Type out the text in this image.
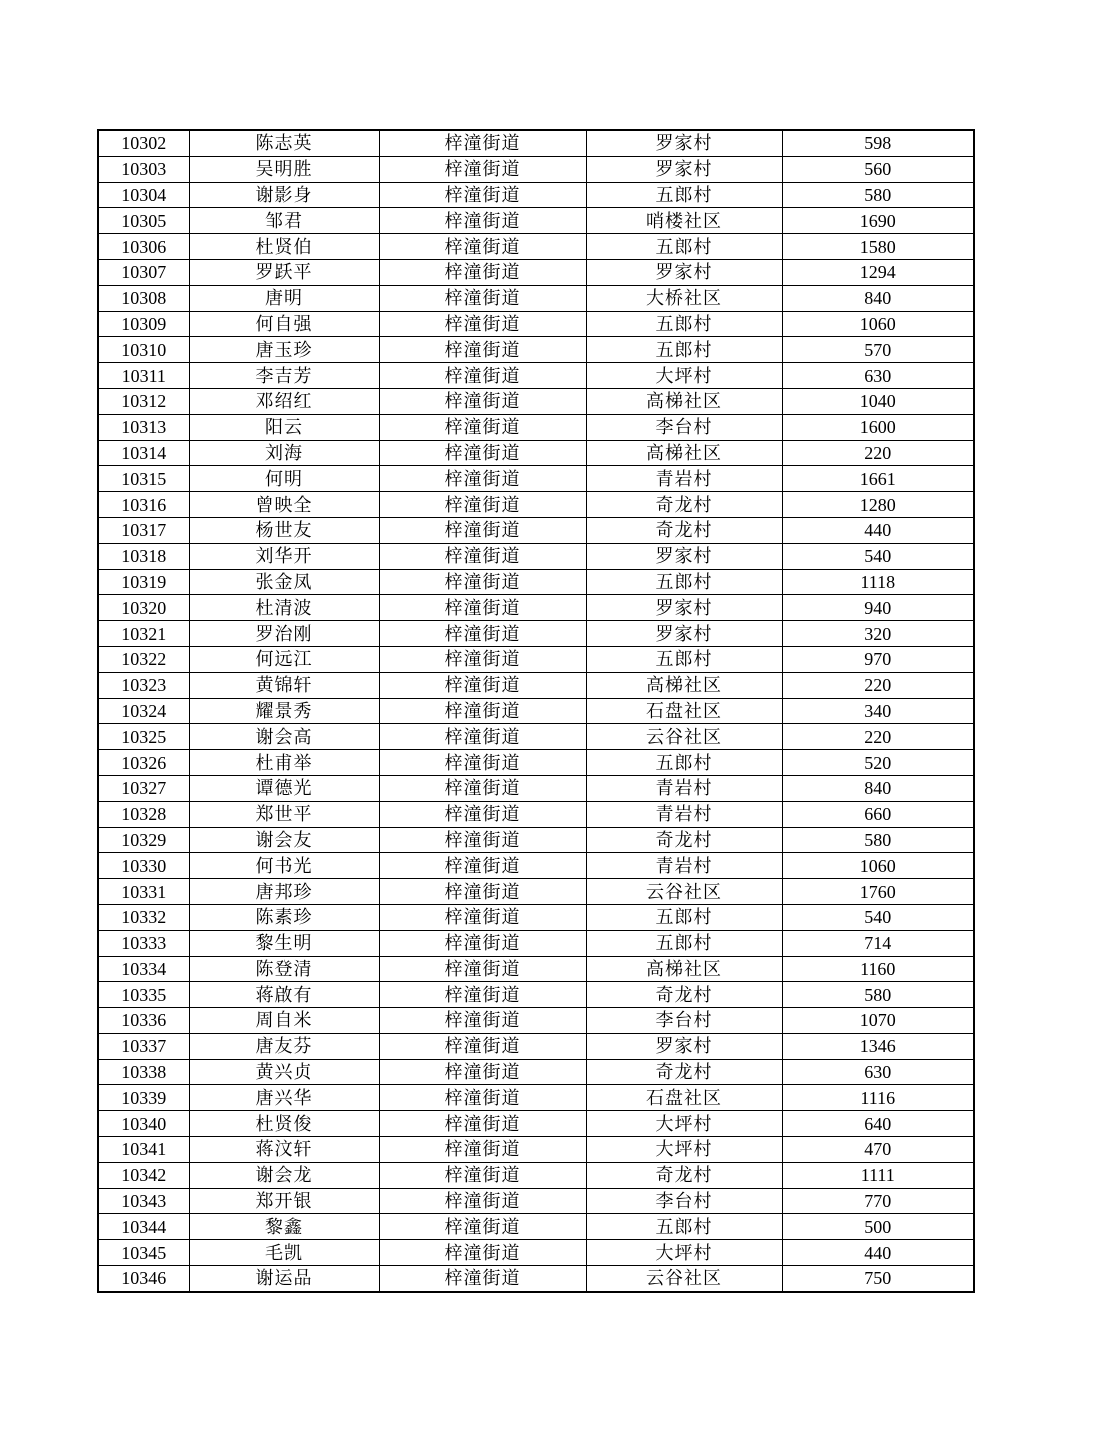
10302	陈志英	梓潼街道	罗家村	598
10303	吴明胜	梓潼街道	罗家村	560
10304	谢影身	梓潼街道	五郎村	580
10305	邹君	梓潼街道	哨楼社区	1690
10306	杜贤伯	梓潼街道	五郎村	1580
10307	罗跃平	梓潼街道	罗家村	1294
10308	唐明	梓潼街道	大桥社区	840
10309	何自强	梓潼街道	五郎村	1060
10310	唐玉珍	梓潼街道	五郎村	570
10311	李吉芳	梓潼街道	大坪村	630
10312	邓绍红	梓潼街道	高梯社区	1040
10313	阳云	梓潼街道	李台村	1600
10314	刘海	梓潼街道	高梯社区	220
10315	何明	梓潼街道	青岩村	1661
10316	曾映全	梓潼街道	奇龙村	1280
10317	杨世友	梓潼街道	奇龙村	440
10318	刘华开	梓潼街道	罗家村	540
10319	张金凤	梓潼街道	五郎村	1118
10320	杜清波	梓潼街道	罗家村	940
10321	罗治刚	梓潼街道	罗家村	320
10322	何远江	梓潼街道	五郎村	970
10323	黄锦轩	梓潼街道	高梯社区	220
10324	耀景秀	梓潼街道	石盘社区	340
10325	谢会高	梓潼街道	云谷社区	220
10326	杜甫举	梓潼街道	五郎村	520
10327	谭德光	梓潼街道	青岩村	840
10328	郑世平	梓潼街道	青岩村	660
10329	谢会友	梓潼街道	奇龙村	580
10330	何书光	梓潼街道	青岩村	1060
10331	唐邦珍	梓潼街道	云谷社区	1760
10332	陈素珍	梓潼街道	五郎村	540
10333	黎生明	梓潼街道	五郎村	714
10334	陈登清	梓潼街道	高梯社区	1160
10335	蒋啟有	梓潼街道	奇龙村	580
10336	周自米	梓潼街道	李台村	1070
10337	唐友芬	梓潼街道	罗家村	1346
10338	黄兴贞	梓潼街道	奇龙村	630
10339	唐兴华	梓潼街道	石盘社区	1116
10340	杜贤俊	梓潼街道	大坪村	640
10341	蒋汶轩	梓潼街道	大坪村	470
10342	谢会龙	梓潼街道	奇龙村	1111
10343	郑开银	梓潼街道	李台村	770
10344	黎鑫	梓潼街道	五郎村	500
10345	毛凯	梓潼街道	大坪村	440
10346	谢运品	梓潼街道	云谷社区	750
